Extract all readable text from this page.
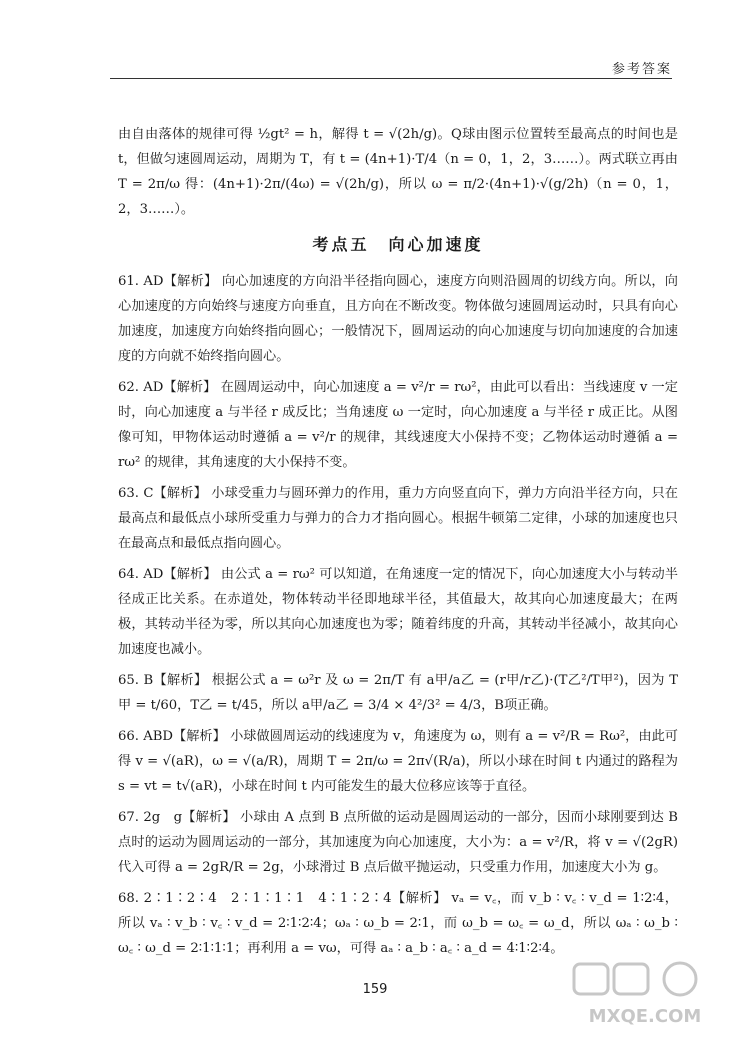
参考答案

由自由落体的规律可得 ½gt² = h，解得 t = √(2h/g)。Q球由图示位置转至最高点的时间也是 t，但做匀速圆周运动，周期为 T，有 t = (4n+1)·T/4（n = 0，1，2，3……）。两式联立再由 T = 2π/ω 得：(4n+1)·2π/(4ω) = √(2h/g)，所以 ω = π/2·(4n+1)·√(g/2h)（n = 0，1，2，3……）。

考点五　向心加速度

61. AD【解析】 向心加速度的方向沿半径指向圆心，速度方向则沿圆周的切线方向。所以，向心加速度的方向始终与速度方向垂直，且方向在不断改变。物体做匀速圆周运动时，只具有向心加速度，加速度方向始终指向圆心；一般情况下，圆周运动的向心加速度与切向加速度的合加速度的方向就不始终指向圆心。

62. AD【解析】 在圆周运动中，向心加速度 a = v²/r = rω²，由此可以看出：当线速度 v 一定时，向心加速度 a 与半径 r 成反比；当角速度 ω 一定时，向心加速度 a 与半径 r 成正比。从图像可知，甲物体运动时遵循 a = v²/r 的规律，其线速度大小保持不变；乙物体运动时遵循 a = rω² 的规律，其角速度的大小保持不变。

63. C【解析】 小球受重力与圆环弹力的作用，重力方向竖直向下，弹力方向沿半径方向，只在最高点和最低点小球所受重力与弹力的合力才指向圆心。根据牛顿第二定律，小球的加速度也只在最高点和最低点指向圆心。

64. AD【解析】 由公式 a = rω² 可以知道，在角速度一定的情况下，向心加速度大小与转动半径成正比关系。在赤道处，物体转动半径即地球半径，其值最大，故其向心加速度最大；在两极，其转动半径为零，所以其向心加速度也为零；随着纬度的升高，其转动半径减小，故其向心加速度也减小。

65. B【解析】 根据公式 a = ω²r 及 ω = 2π/T 有 a甲/a乙 = (r甲/r乙)·(T乙²/T甲²)，因为 T甲 = t/60，T乙 = t/45，所以 a甲/a乙 = 3/4 × 4²/3² = 4/3，B项正确。

66. ABD【解析】 小球做圆周运动的线速度为 v，角速度为 ω，则有 a = v²/R = Rω²，由此可得 v = √(aR)，ω = √(a/R)，周期 T = 2π/ω = 2π√(R/a)，所以小球在时间 t 内通过的路程为 s = vt = t√(aR)，小球在时间 t 内可能发生的最大位移应该等于直径。

67. 2g　g【解析】 小球由 A 点到 B 点所做的运动是圆周运动的一部分，因而小球刚要到达 B 点时的运动为圆周运动的一部分，其加速度为向心加速度，大小为：a = v²/R，将 v = √(2gR) 代入可得 a = 2gR/R = 2g，小球滑过 B 点后做平抛运动，只受重力作用，加速度大小为 g。

68. 2∶1∶2∶4　2∶1∶1∶1　4∶1∶2∶4【解析】 vₐ = v꜀，而 v_b ∶ v꜀ ∶ v_d = 1∶2∶4，所以 vₐ ∶ v_b ∶ v꜀ ∶ v_d = 2∶1∶2∶4；ωₐ ∶ ω_b = 2∶1，而 ω_b = ω꜀ = ω_d，所以 ωₐ ∶ ω_b ∶ ω꜀ ∶ ω_d = 2∶1∶1∶1；再利用 a = vω，可得 aₐ ∶ a_b ∶ a꜀ ∶ a_d = 4∶1∶2∶4。

159
MXQE.COM
